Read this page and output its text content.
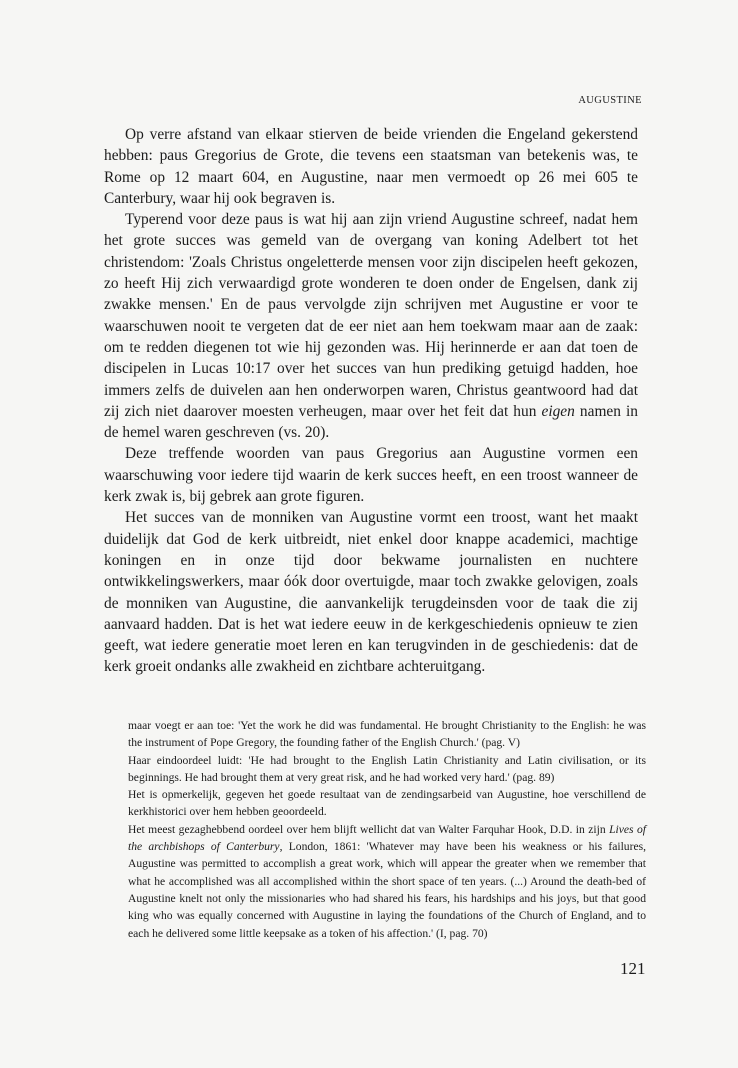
AUGUSTINE

Op verre afstand van elkaar stierven de beide vrienden die Engeland gekerstend hebben: paus Gregorius de Grote, die tevens een staatsman van betekenis was, te Rome op 12 maart 604, en Augustine, naar men vermoedt op 26 mei 605 te Canterbury, waar hij ook begraven is.

Typerend voor deze paus is wat hij aan zijn vriend Augustine schreef, nadat hem het grote succes was gemeld van de overgang van koning Adelbert tot het christendom: 'Zoals Christus ongeletterde mensen voor zijn discipelen heeft gekozen, zo heeft Hij zich verwaardigd grote wonderen te doen onder de Engelsen, dank zij zwakke mensen.' En de paus vervolgde zijn schrijven met Augustine er voor te waarschuwen nooit te vergeten dat de eer niet aan hem toekwam maar aan de zaak: om te redden diegenen tot wie hij gezonden was. Hij herinnerde er aan dat toen de discipelen in Lucas 10:17 over het succes van hun prediking getuigd hadden, hoe immers zelfs de duivelen aan hen onderworpen waren, Christus geantwoord had dat zij zich niet daarover moesten verheugen, maar over het feit dat hun eigen namen in de hemel waren geschreven (vs. 20).

Deze treffende woorden van paus Gregorius aan Augustine vormen een waarschuwing voor iedere tijd waarin de kerk succes heeft, en een troost wanneer de kerk zwak is, bij gebrek aan grote figuren.

Het succes van de monniken van Augustine vormt een troost, want het maakt duidelijk dat God de kerk uitbreidt, niet enkel door knappe academici, machtige koningen en in onze tijd door bekwame journalisten en nuchtere ontwikkelingswerkers, maar óók door overtuigde, maar toch zwakke gelovigen, zoals de monniken van Augustine, die aanvankelijk terugdeinsden voor de taak die zij aanvaard hadden. Dat is het wat iedere eeuw in de kerkgeschiedenis opnieuw te zien geeft, wat iedere generatie moet leren en kan terugvinden in de geschiedenis: dat de kerk groeit ondanks alle zwakheid en zichtbare achteruitgang.

maar voegt er aan toe: 'Yet the work he did was fundamental. He brought Christianity to the English: he was the instrument of Pope Gregory, the founding father of the English Church.' (pag. V)

Haar eindoordeel luidt: 'He had brought to the English Latin Christianity and Latin civilisation, or its beginnings. He had brought them at very great risk, and he had worked very hard.' (pag. 89)

Het is opmerkelijk, gegeven het goede resultaat van de zendingsarbeid van Augustine, hoe verschillend de kerkhistorici over hem hebben geoordeeld.

Het meest gezaghebbend oordeel over hem blijft wellicht dat van Walter Farquhar Hook, D.D. in zijn Lives of the archbishops of Canterbury, London, 1861: 'Whatever may have been his weakness or his failures, Augustine was permitted to accomplish a great work, which will appear the greater when we remember that what he accomplished was all accomplished within the short space of ten years. (...) Around the death-bed of Augustine knelt not only the missionaries who had shared his fears, his hardships and his joys, but that good king who was equally concerned with Augustine in laying the foundations of the Church of England, and to each he delivered some little keepsake as a token of his affection.' (I, pag. 70)

121
